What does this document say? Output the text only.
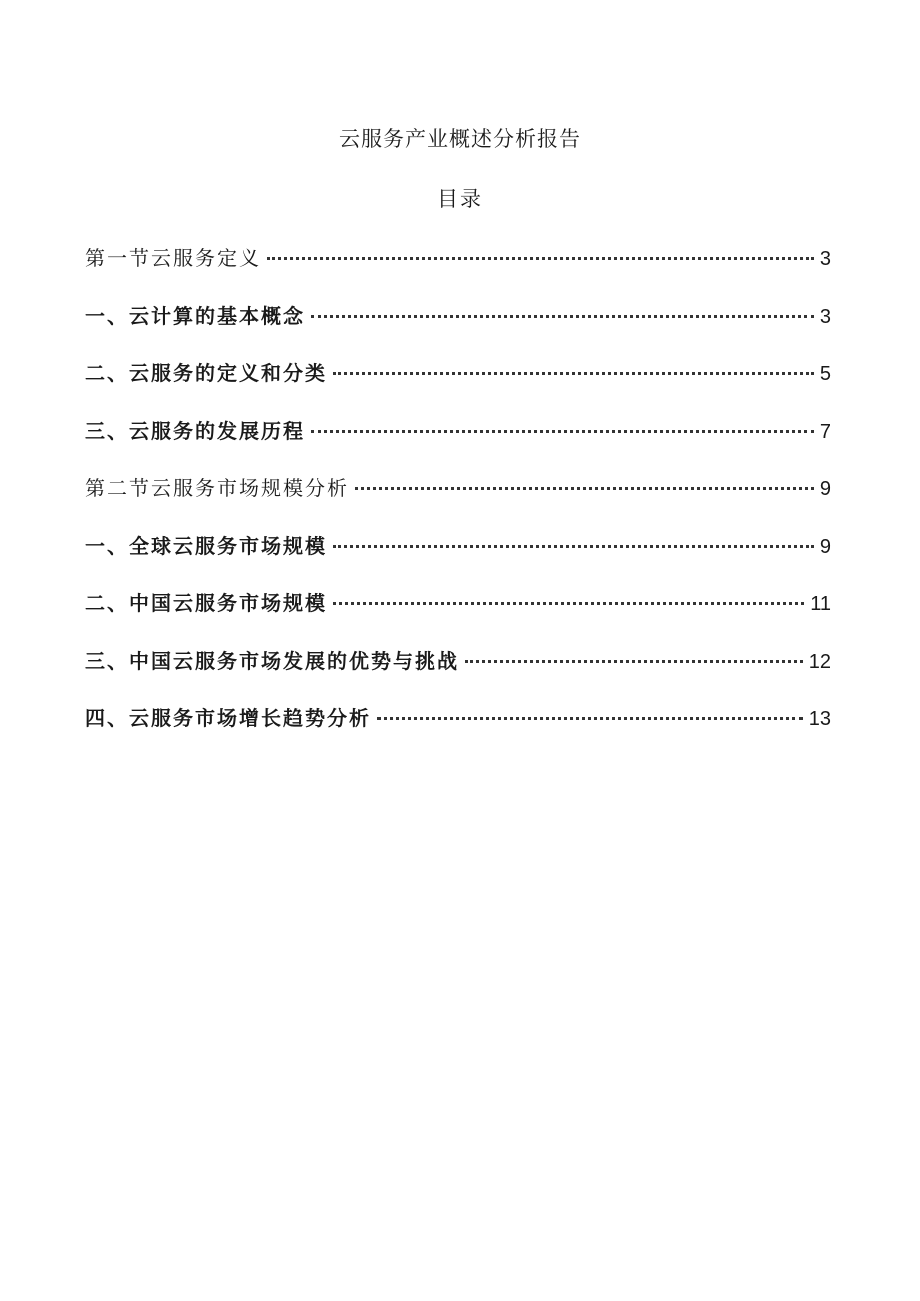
云服务产业概述分析报告
目录
第一节云服务定义	3
一、云计算的基本概念	3
二、云服务的定义和分类	5
三、云服务的发展历程	7
第二节云服务市场规模分析	9
一、全球云服务市场规模	9
二、中国云服务市场规模	11
三、中国云服务市场发展的优势与挑战	12
四、云服务市场增长趋势分析	13
